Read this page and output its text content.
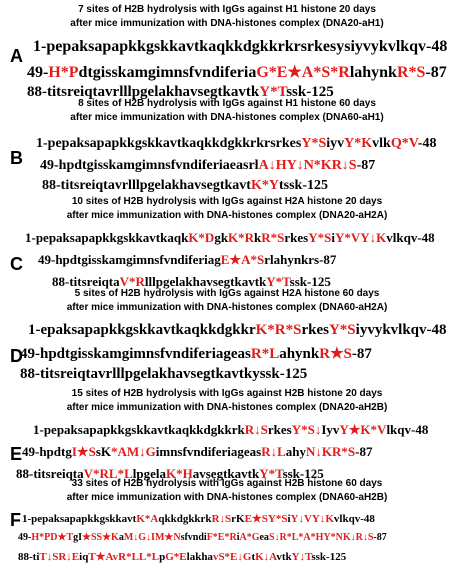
A
7 sites of H2B hydrolysis with IgGs against H1 histone 20 days
after mice immunization with DNA-histones complex (DNA20-aH1)
1-pepaksapapkkgskkavtkaqkkdgkkrkrsrkesysiyvykvlkqv-48
49-H*PdtgisskamgimnsfvndiferiaG*E★A*S*RlahynkR*S-87
88-titsreiqtavrlllpgelakhavsegtkavtkY*Tssk-125
B
8 sites of H2B hydrolysis with IgGs against H1 histone 60 days
after mice immunization with DNA-histones complex (DNA60-aH1)
1-pepaksapapkkgskkavtkaqkkdgkkrkrsrkesY*SiyvY*KvlkQ*V-48
49-hpdtgisskamgimnsfvndiferiaeasrlA↓HY↓N*KR↓S-87
88-titsreiqtavrlllpgelakhavsegtkavtK*Ytssk-125
C
10 sites of H2B hydrolysis with IgGs against H2A histone 20 days
after mice immunization with DNA-histones complex (DNA20-aH2A)
1-pepaksapapkkgskkavtkaqkK*DgkK*RkR*SrkesY*SiY*VY↓Kvlkqv-48
49-hpdtgisskamgimnsfvndiferiagE★A*Srlahynkrs-87
88-titsreiqtaV*RlllpgelakhavsegtkavtkY*Tssk-125
D
5 sites of H2B hydrolysis with IgGs against H2A histone 60 days
after mice immunization with DNA-histones complex (DNA60-aH2A)
1-epaksapapkkgskkavtkaqkkdgkkrK*R*SrkesY*Siyvykvlkqv-48
49-hpdtgisskamgimnsfvndiferiageasR*LahynkR★S-87
88-titsreiqtavrlllpgelakhavsegtkavtkyssk-125
E
15 sites of H2B hydrolysis with IgGs against H2B histone 20 days
after mice immunization with DNA-histones complex (DNA20-aH2B)
1-pepaksapapkkgskkavtkaqkkdgkkrkR↓SrkesY*S↓IyvY★K*Vlkqv-48
49-hpdtgI★SsK*AM↓GimnsfvndiferiageasR↓LahyN↓KR*S-87
88-titsreiqtaV*RL*LlpgelaK*HavsegtkavtkY*Tssk-125
F
33 sites of H2B hydrolysis with IgGs against H2B histone 60 days
after mice immunization with DNA-histones complex (DNA60-aH2B)
1-pepaksapapkkgskkavtK*AqkkdgkkrkR↓SrKE★SY*SiY↓VY↓Kvlkqv-48
49-H*PD★TgI★SS★KaM↓G↓IM★NsfvndiF*E*RiA*GeaS↓R*L*A*HY*NK↓R↓S-87
88-tiT↓SR↓EiqT★AvR*LL*LpG*ElakhavS*E↓GtK↓AvtkY↓Tssk-125
